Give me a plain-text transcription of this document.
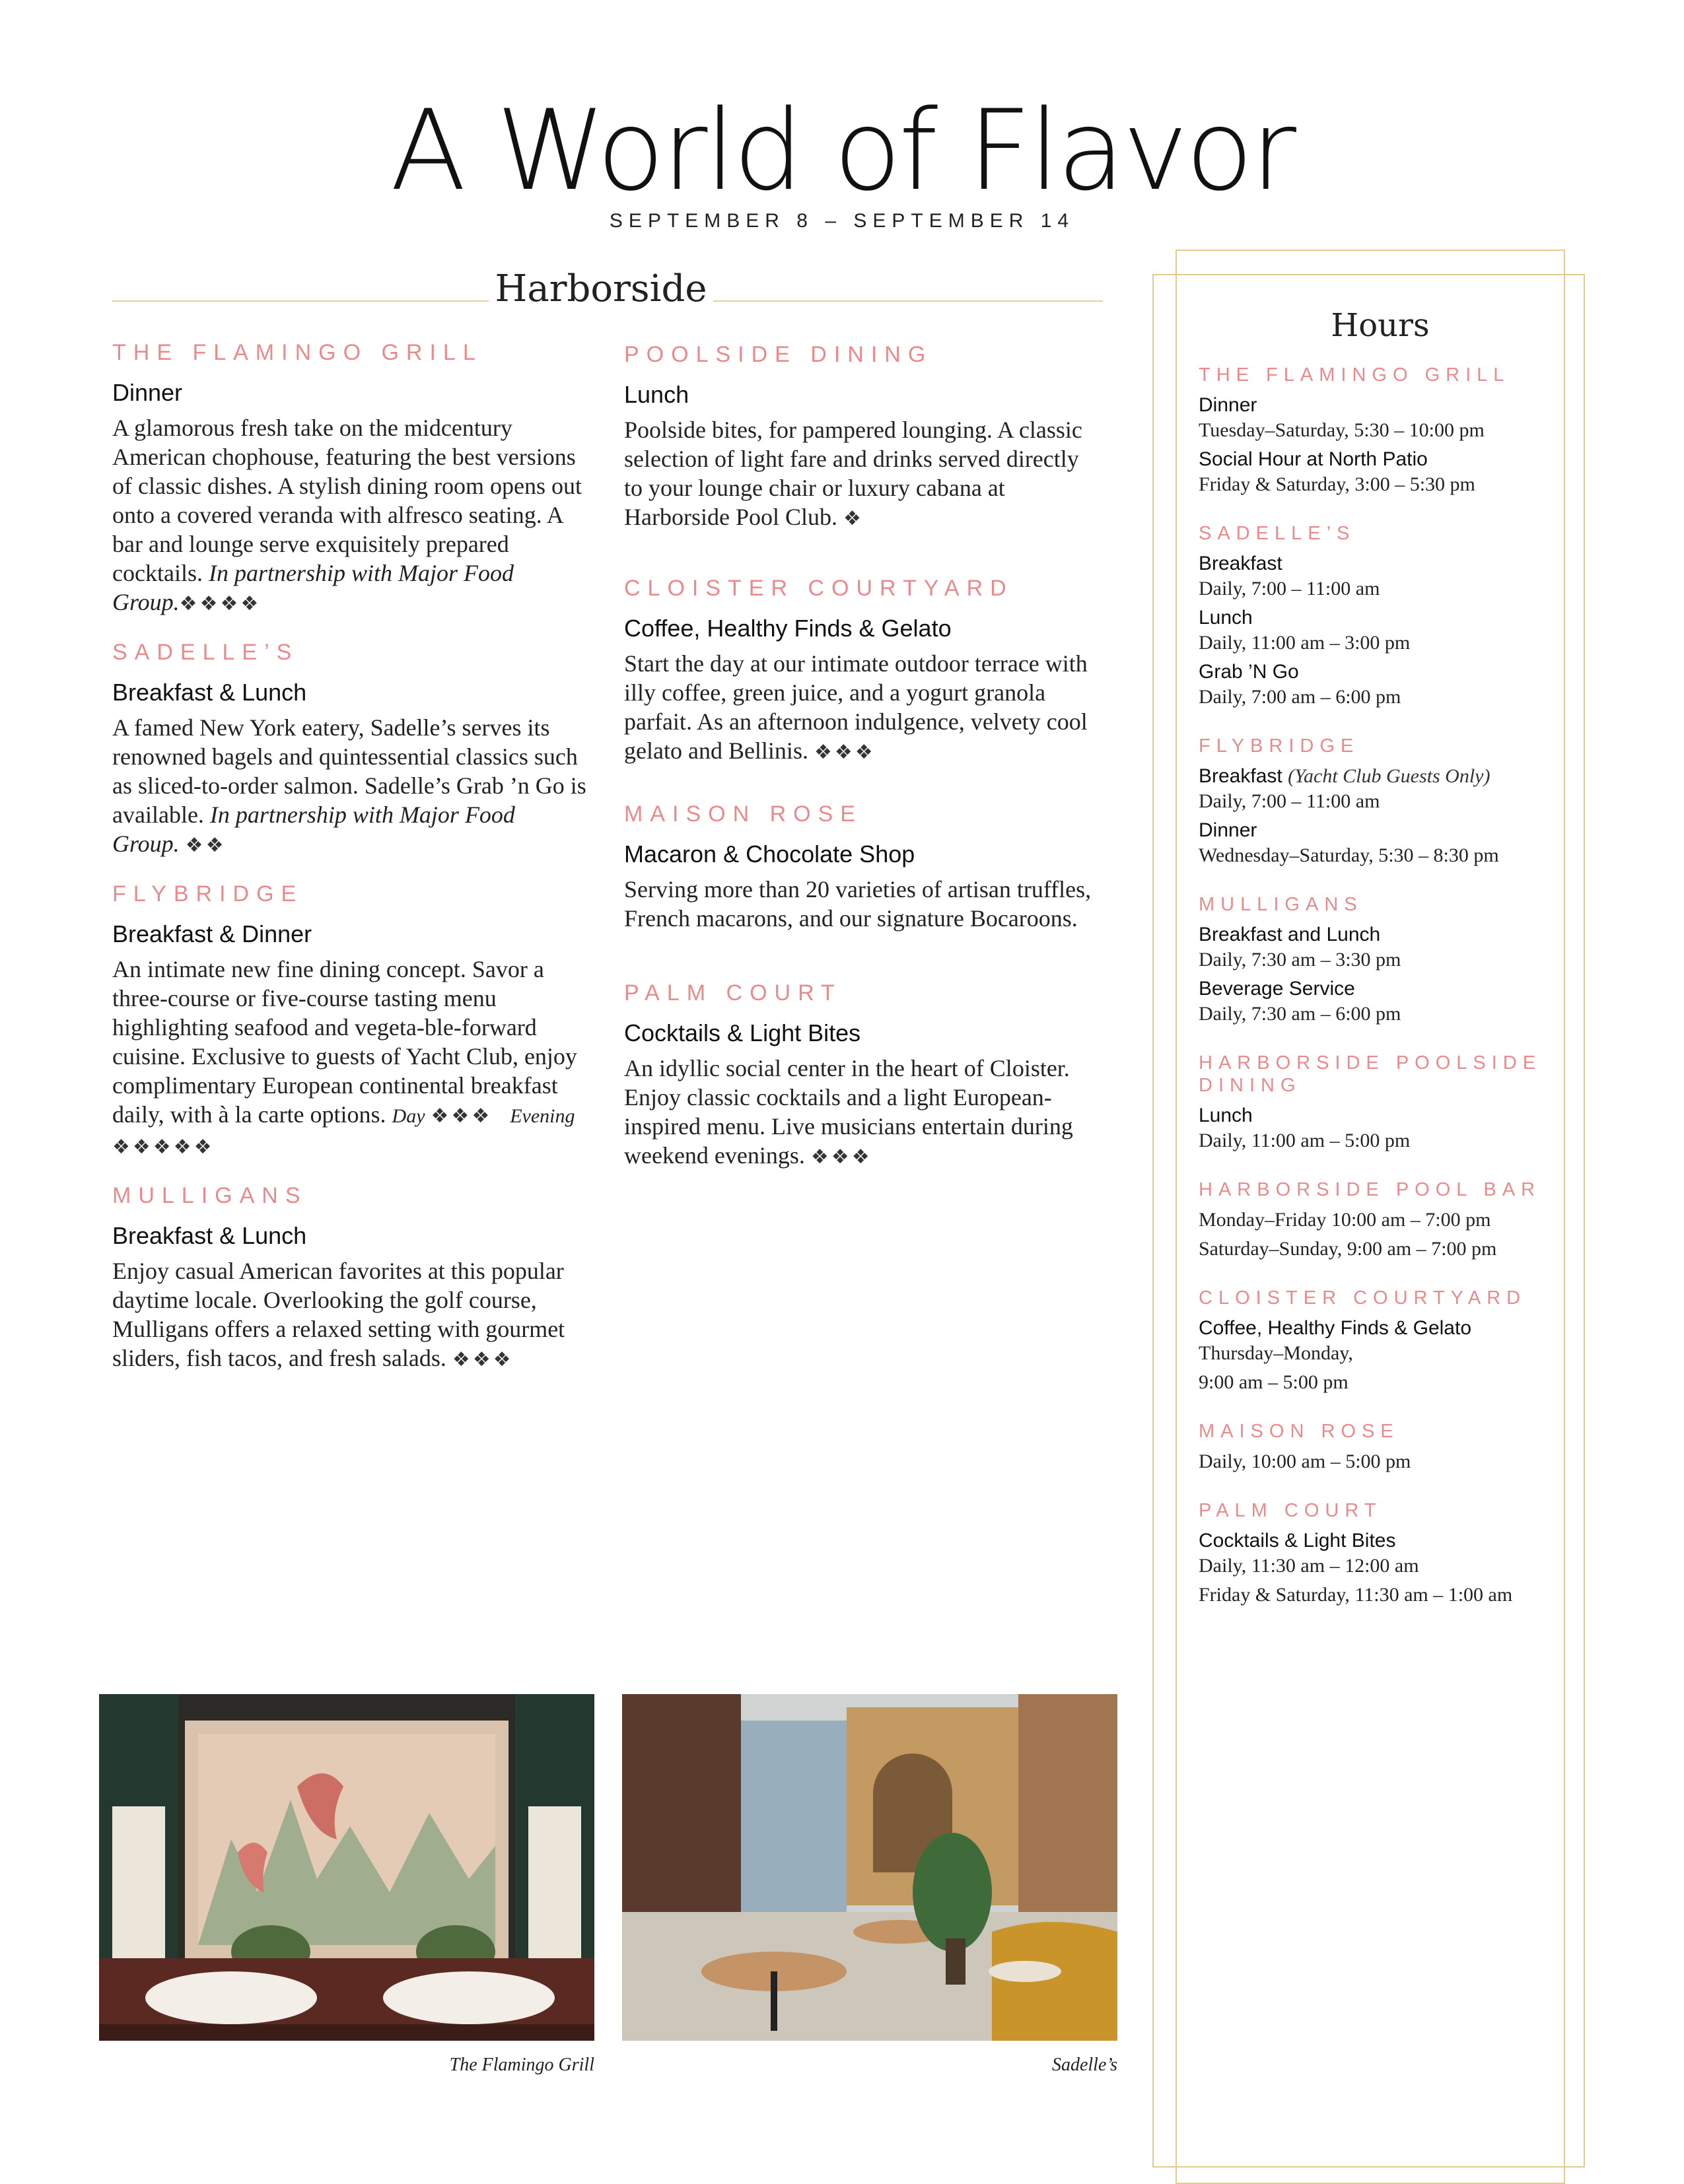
A World of Flavor
SEPTEMBER 8 – SEPTEMBER 14
Harborside
THE FLAMINGO GRILL
Dinner
A glamorous fresh take on the midcentury American chophouse, featuring the best versions of classic dishes. A stylish dining room opens out onto a covered veranda with alfresco seating. A bar and lounge serve exquisitely prepared cocktails. In partnership with Major Food Group.❖❖❖❖
SADELLE’S
Breakfast & Lunch
A famed New York eatery, Sadelle’s serves its renowned bagels and quintessential classics such as sliced-to-order salmon. Sadelle’s Grab ’n Go is available. In partnership with Major Food Group. ❖❖
FLYBRIDGE
Breakfast & Dinner
An intimate new fine dining concept. Savor a three-course or five-course tasting menu highlighting seafood and vegeta-ble-forward cuisine. Exclusive to guests of Yacht Club, enjoy complimentary European continental breakfast daily, with à la carte options. Day ❖❖❖ Evening ❖❖❖❖❖
MULLIGANS
Breakfast & Lunch
Enjoy casual American favorites at this popular daytime locale. Overlooking the golf course, Mulligans offers a relaxed setting with gourmet sliders, fish tacos, and fresh salads. ❖❖❖
POOLSIDE DINING
Lunch
Poolside bites, for pampered lounging. A classic selection of light fare and drinks served directly to your lounge chair or luxury cabana at Harborside Pool Club. ❖
CLOISTER COURTYARD
Coffee, Healthy Finds & Gelato
Start the day at our intimate outdoor terrace with illy coffee, green juice, and a yogurt granola parfait. As an afternoon indulgence, velvety cool gelato and Bellinis. ❖❖❖
MAISON ROSE
Macaron & Chocolate Shop
Serving more than 20 varieties of artisan truffles, French macarons, and our signature Bocaroons.
PALM COURT
Cocktails & Light Bites
An idyllic social center in the heart of Cloister. Enjoy classic cocktails and a light European-inspired menu. Live musicians entertain during weekend evenings. ❖❖❖
Hours
THE FLAMINGO GRILL
Dinner
Tuesday–Saturday, 5:30 – 10:00 pm
Social Hour at North Patio
Friday & Saturday, 3:00 – 5:30 pm
SADELLE’S
Breakfast
Daily, 7:00 – 11:00 am
Lunch
Daily, 11:00 am – 3:00 pm
Grab ’N Go
Daily, 7:00 am – 6:00 pm
FLYBRIDGE
Breakfast (Yacht Club Guests Only)
Daily, 7:00 – 11:00 am
Dinner
Wednesday–Saturday, 5:30 – 8:30 pm
MULLIGANS
Breakfast and Lunch
Daily, 7:30 am – 3:30 pm
Beverage Service
Daily, 7:30 am – 6:00 pm
HARBORSIDE POOLSIDE DINING
Lunch
Daily, 11:00 am – 5:00 pm
HARBORSIDE POOL BAR
Monday–Friday 10:00 am – 7:00 pm
Saturday–Sunday, 9:00 am – 7:00 pm
CLOISTER COURTYARD
Coffee, Healthy Finds & Gelato
Thursday–Monday,
9:00 am – 5:00 pm
MAISON ROSE
Daily, 10:00 am – 5:00 pm
PALM COURT
Cocktails & Light Bites
Daily, 11:30 am – 12:00 am
Friday & Saturday, 11:30 am – 1:00 am
The Flamingo Grill	Sadelle’s
